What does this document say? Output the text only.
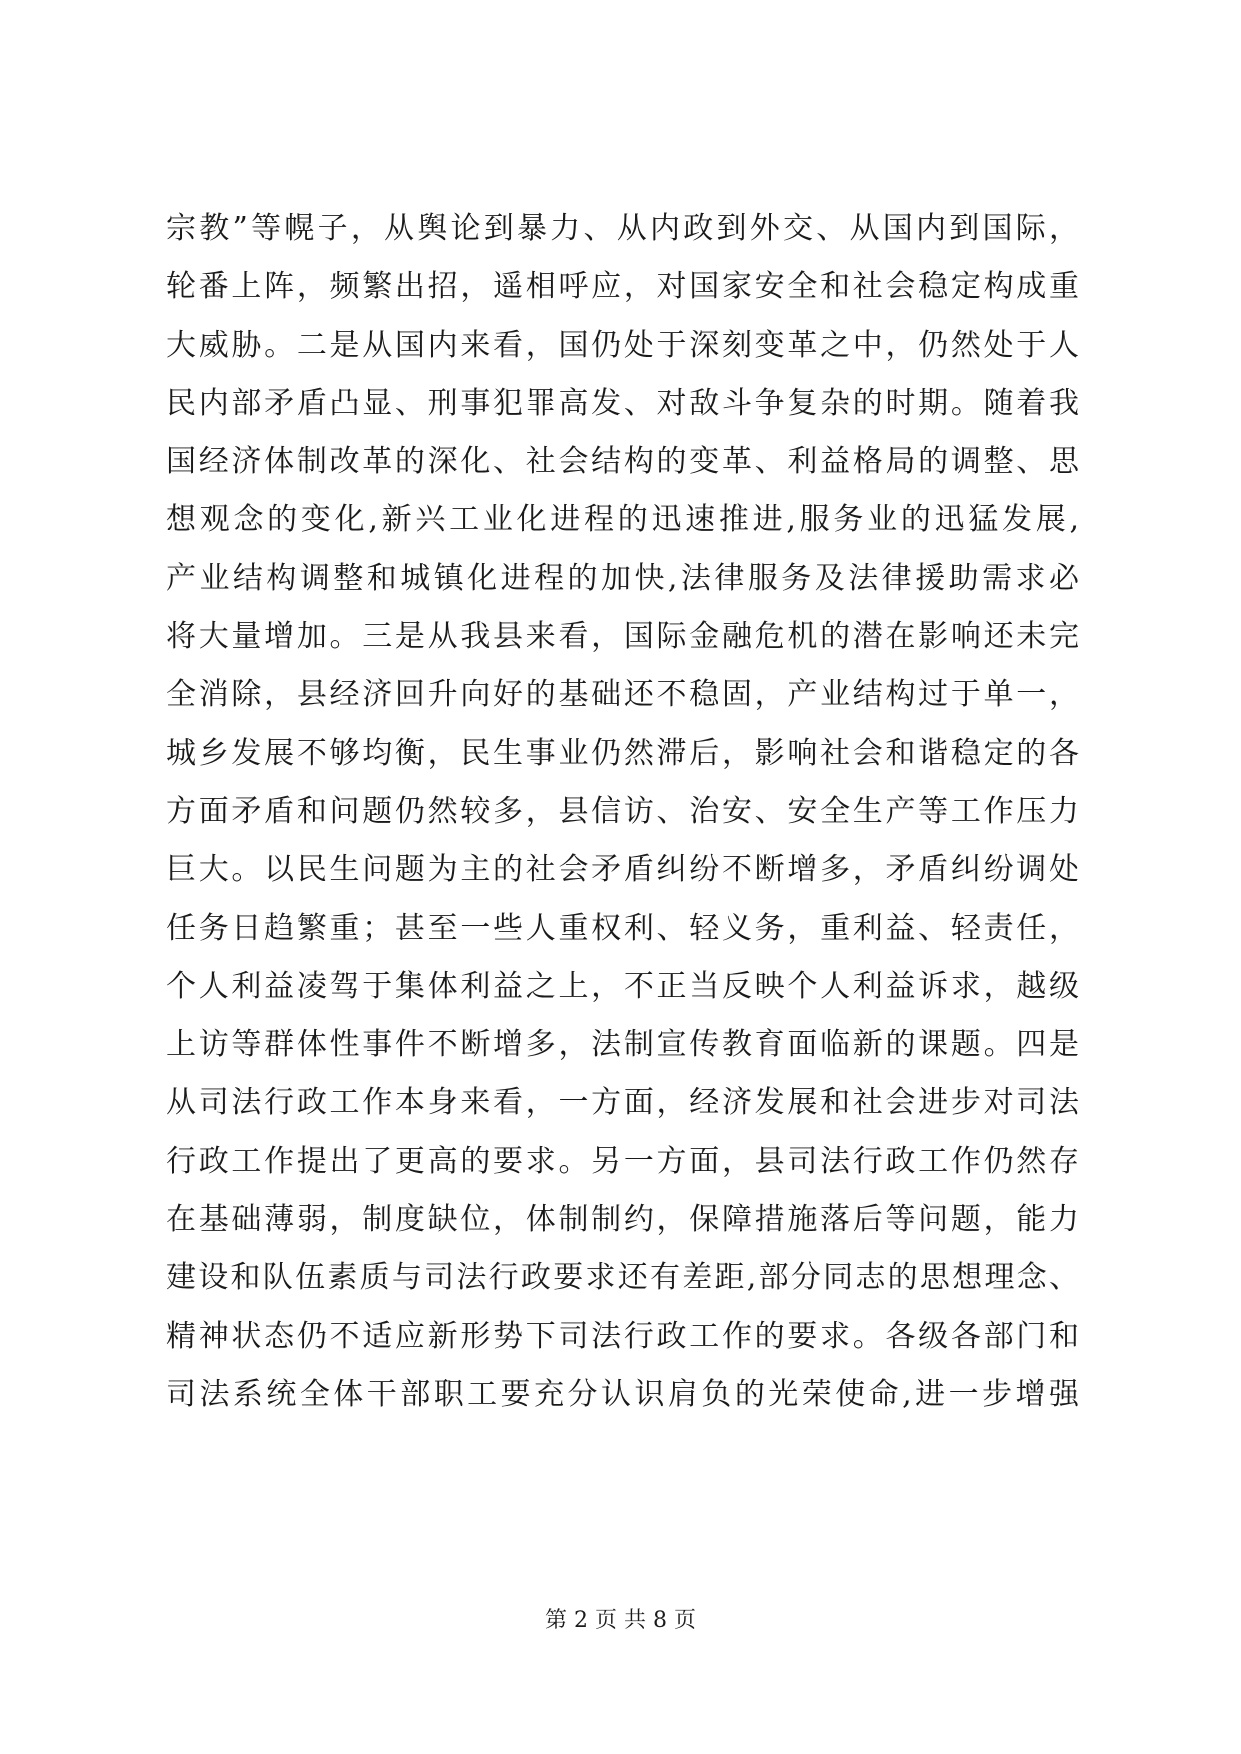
宗教”等幌子，从舆论到暴力、从内政到外交、从国内到国际，
轮番上阵，频繁出招，遥相呼应，对国家安全和社会稳定构成重
大威胁。二是从国内来看，国仍处于深刻变革之中，仍然处于人
民内部矛盾凸显、刑事犯罪高发、对敌斗争复杂的时期。随着我
国经济体制改革的深化、社会结构的变革、利益格局的调整、思
想观念的变化,新兴工业化进程的迅速推进,服务业的迅猛发展,
产业结构调整和城镇化进程的加快,法律服务及法律援助需求必
将大量增加。三是从我县来看，国际金融危机的潜在影响还未完
全消除，县经济回升向好的基础还不稳固，产业结构过于单一，
城乡发展不够均衡，民生事业仍然滞后，影响社会和谐稳定的各
方面矛盾和问题仍然较多，县信访、治安、安全生产等工作压力
巨大。以民生问题为主的社会矛盾纠纷不断增多，矛盾纠纷调处
任务日趋繁重；甚至一些人重权利、轻义务，重利益、轻责任，
个人利益凌驾于集体利益之上，不正当反映个人利益诉求，越级
上访等群体性事件不断增多，法制宣传教育面临新的课题。四是
从司法行政工作本身来看，一方面，经济发展和社会进步对司法
行政工作提出了更高的要求。另一方面，县司法行政工作仍然存
在基础薄弱，制度缺位，体制制约，保障措施落后等问题，能力
建设和队伍素质与司法行政要求还有差距,部分同志的思想理念、
精神状态仍不适应新形势下司法行政工作的要求。各级各部门和
司法系统全体干部职工要充分认识肩负的光荣使命,进一步增强
第 2 页 共 8 页
